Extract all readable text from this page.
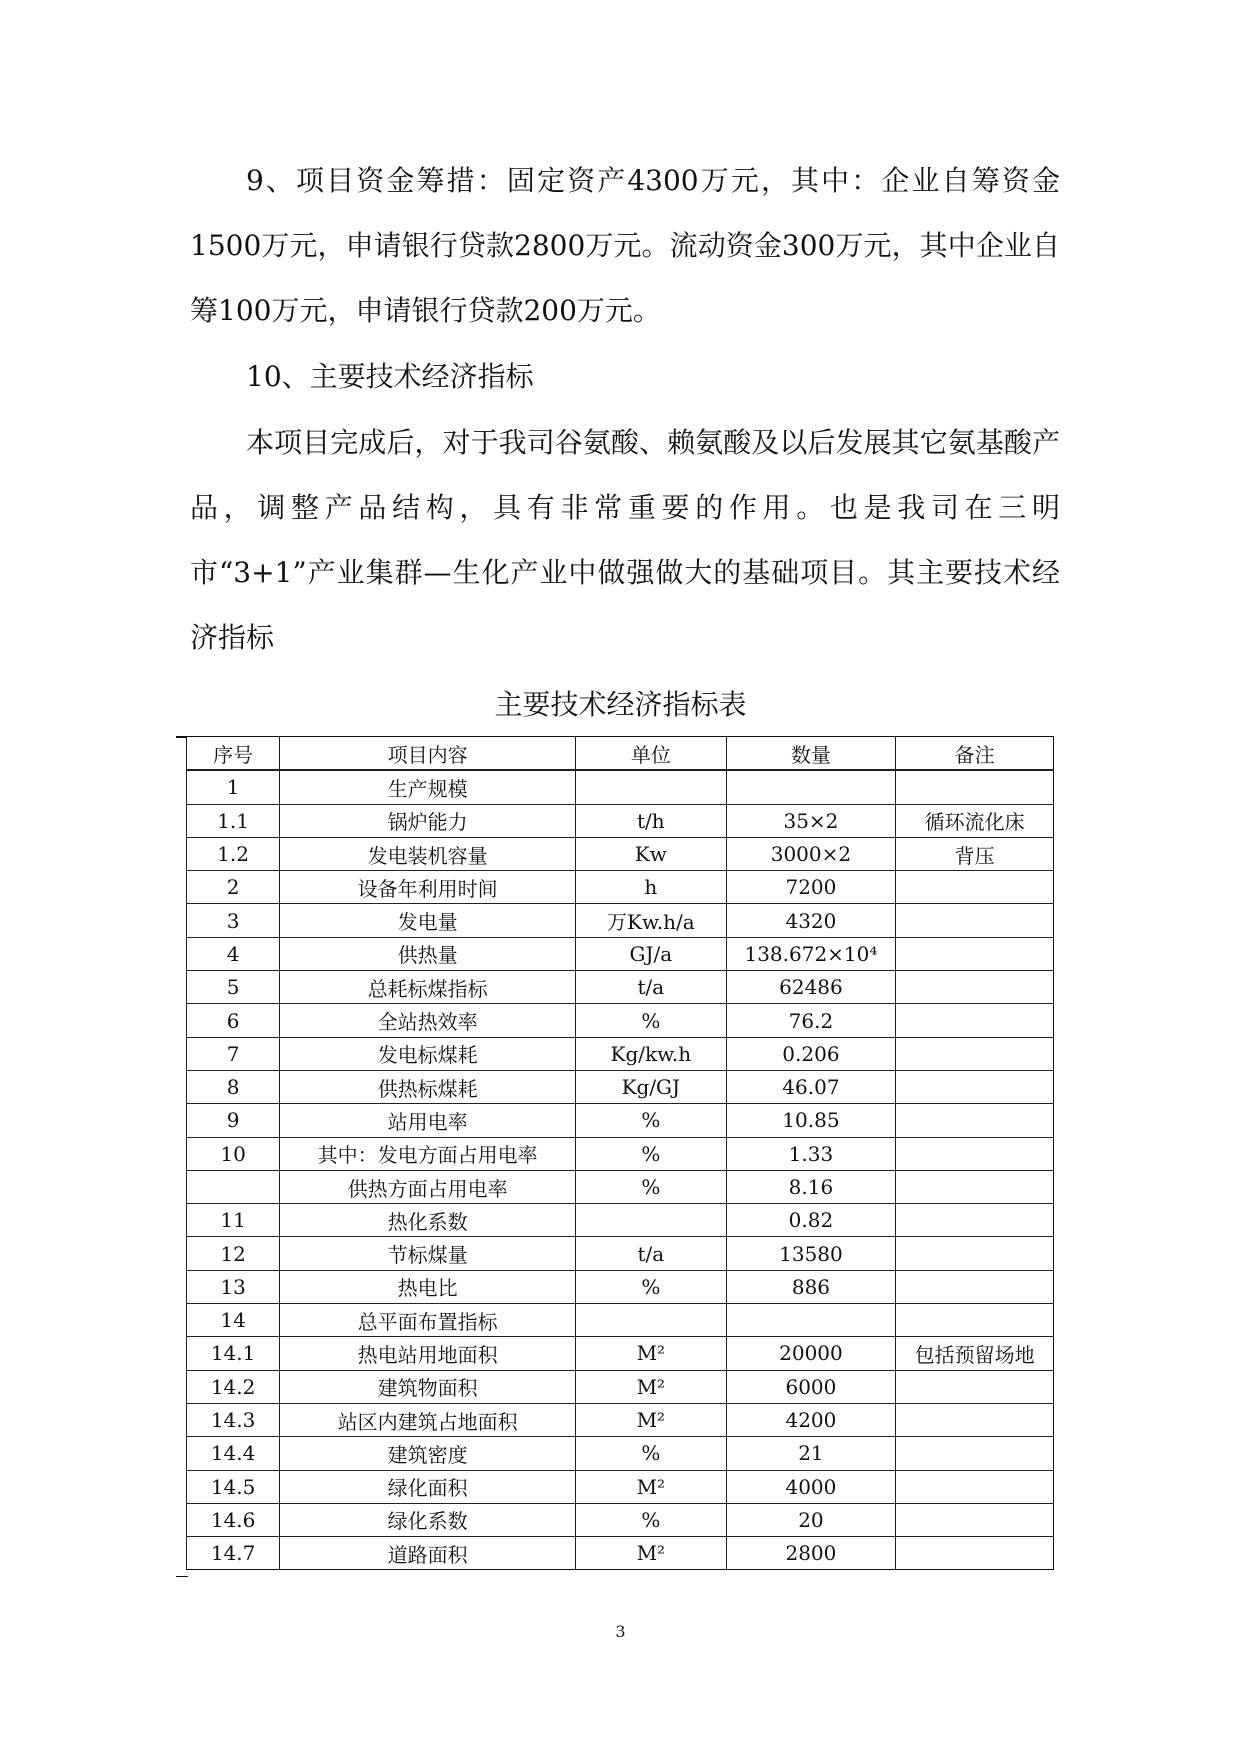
9、项目资金筹措：固定资产4300万元，其中：企业自筹资金1500万元，申请银行贷款2800万元。流动资金300万元，其中企业自筹100万元，申请银行贷款200万元。

10、主要技术经济指标

本项目完成后，对于我司谷氨酸、赖氨酸及以后发展其它氨基酸产品，调整产品结构，具有非常重要的作用。也是我司在三明市“3+1”产业集群—生化产业中做强做大的基础项目。其主要技术经济指标

主要技术经济指标表
序号	项目内容	单位	数量	备注
1	生产规模			
1.1	锅炉能力	t/h	35×2	循环流化床
1.2	发电装机容量	Kw	3000×2	背压
2	设备年利用时间	h	7200	
3	发电量	万Kw.h/a	4320	
4	供热量	GJ/a	138.672×10⁴	
5	总耗标煤指标	t/a	62486	
6	全站热效率	%	76.2	
7	发电标煤耗	Kg/kw.h	0.206	
8	供热标煤耗	Kg/GJ	46.07	
9	站用电率	%	10.85	
10	其中：发电方面占用电率	%	1.33	
	供热方面占用电率	%	8.16	
11	热化系数		0.82	
12	节标煤量	t/a	13580	
13	热电比	%	886	
14	总平面布置指标			
14.1	热电站用地面积	M²	20000	包括预留场地
14.2	建筑物面积	M²	6000	
14.3	站区内建筑占地面积	M²	4200	
14.4	建筑密度	%	21	
14.5	绿化面积	M²	4000	
14.6	绿化系数	%	20	
14.7	道路面积	M²	2800	
3
